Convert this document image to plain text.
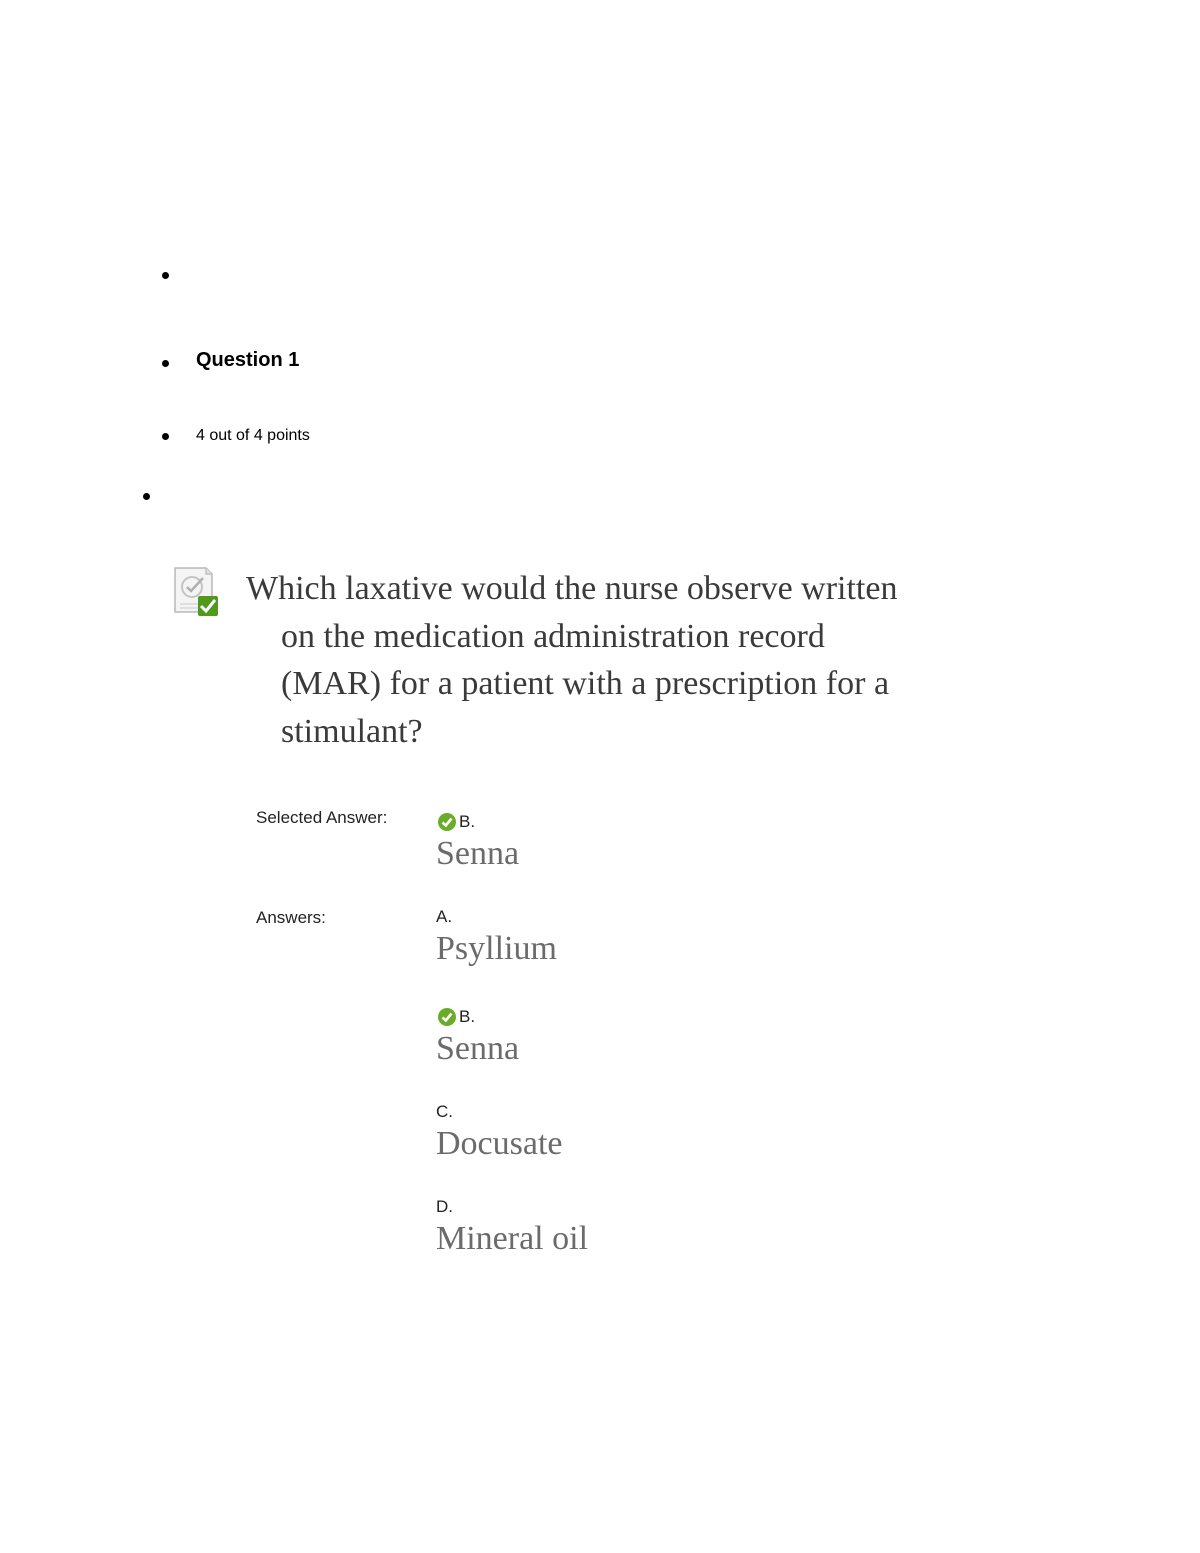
Question 1
4 out of 4 points
Which laxative would the nurse observe written on the medication administration record (MAR) for a patient with a prescription for a stimulant?
Selected Answer:	B.
Senna
Answers:	A.
Psyllium
B.
Senna
C.
Docusate
D.
Mineral oil
